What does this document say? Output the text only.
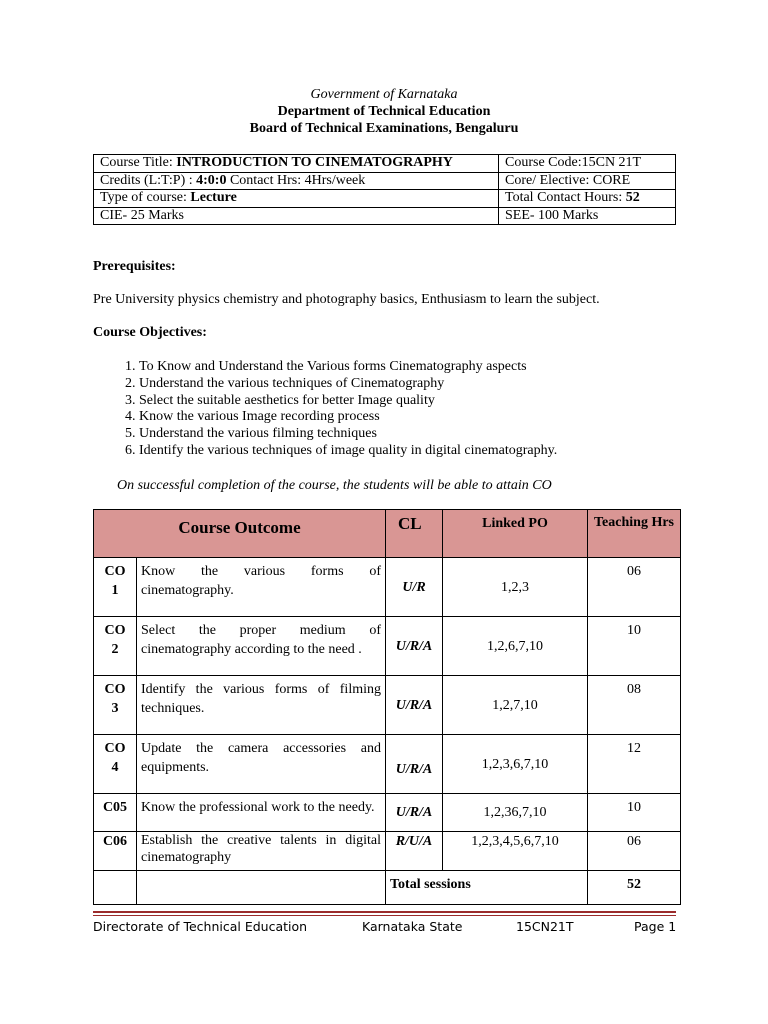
Government of Karnataka
Department of Technical Education
Board of Technical Examinations, Bengaluru
Course Title: INTRODUCTION TO CINEMATOGRAPHY	Course Code:15CN 21T
Credits (L:T:P) : 4:0:0 Contact Hrs: 4Hrs/week	Core/ Elective: CORE
Type of course: Lecture	Total Contact Hours: 52
CIE- 25 Marks	SEE- 100 Marks
Prerequisites:
Pre University physics chemistry and photography basics, Enthusiasm to learn the subject.
Course Objectives:
1. To Know and Understand the Various forms Cinematography aspects
2. Understand the various techniques of Cinematography
3. Select the suitable aesthetics for better Image quality
4. Know the various Image recording process
5. Understand the various filming techniques
6. Identify the various techniques of image quality in digital cinematography.
On successful completion of the course, the students will be able to attain CO
Course Outcome		CL	Linked PO	Teaching Hrs
CO
1	Know the various forms of cinematography.	U/R	1,2,3	06
CO
2	Select the proper medium of cinematography according to the need .	U/R/A	1,2,6,7,10	10
CO
3	Identify the various forms of filming techniques.	U/R/A	1,2,7,10	08
CO
4	Update the camera accessories and equipments.	U/R/A	1,2,3,6,7,10	12
C05	Know the professional work to the needy.	U/R/A	1,2,36,7,10	10
C06	Establish the creative talents in digital cinematography	R/U/A	1,2,3,4,5,6,7,10	06
		Total sessions		52
Directorate of Technical Education	Karnataka State	15CN21T	Page 1
